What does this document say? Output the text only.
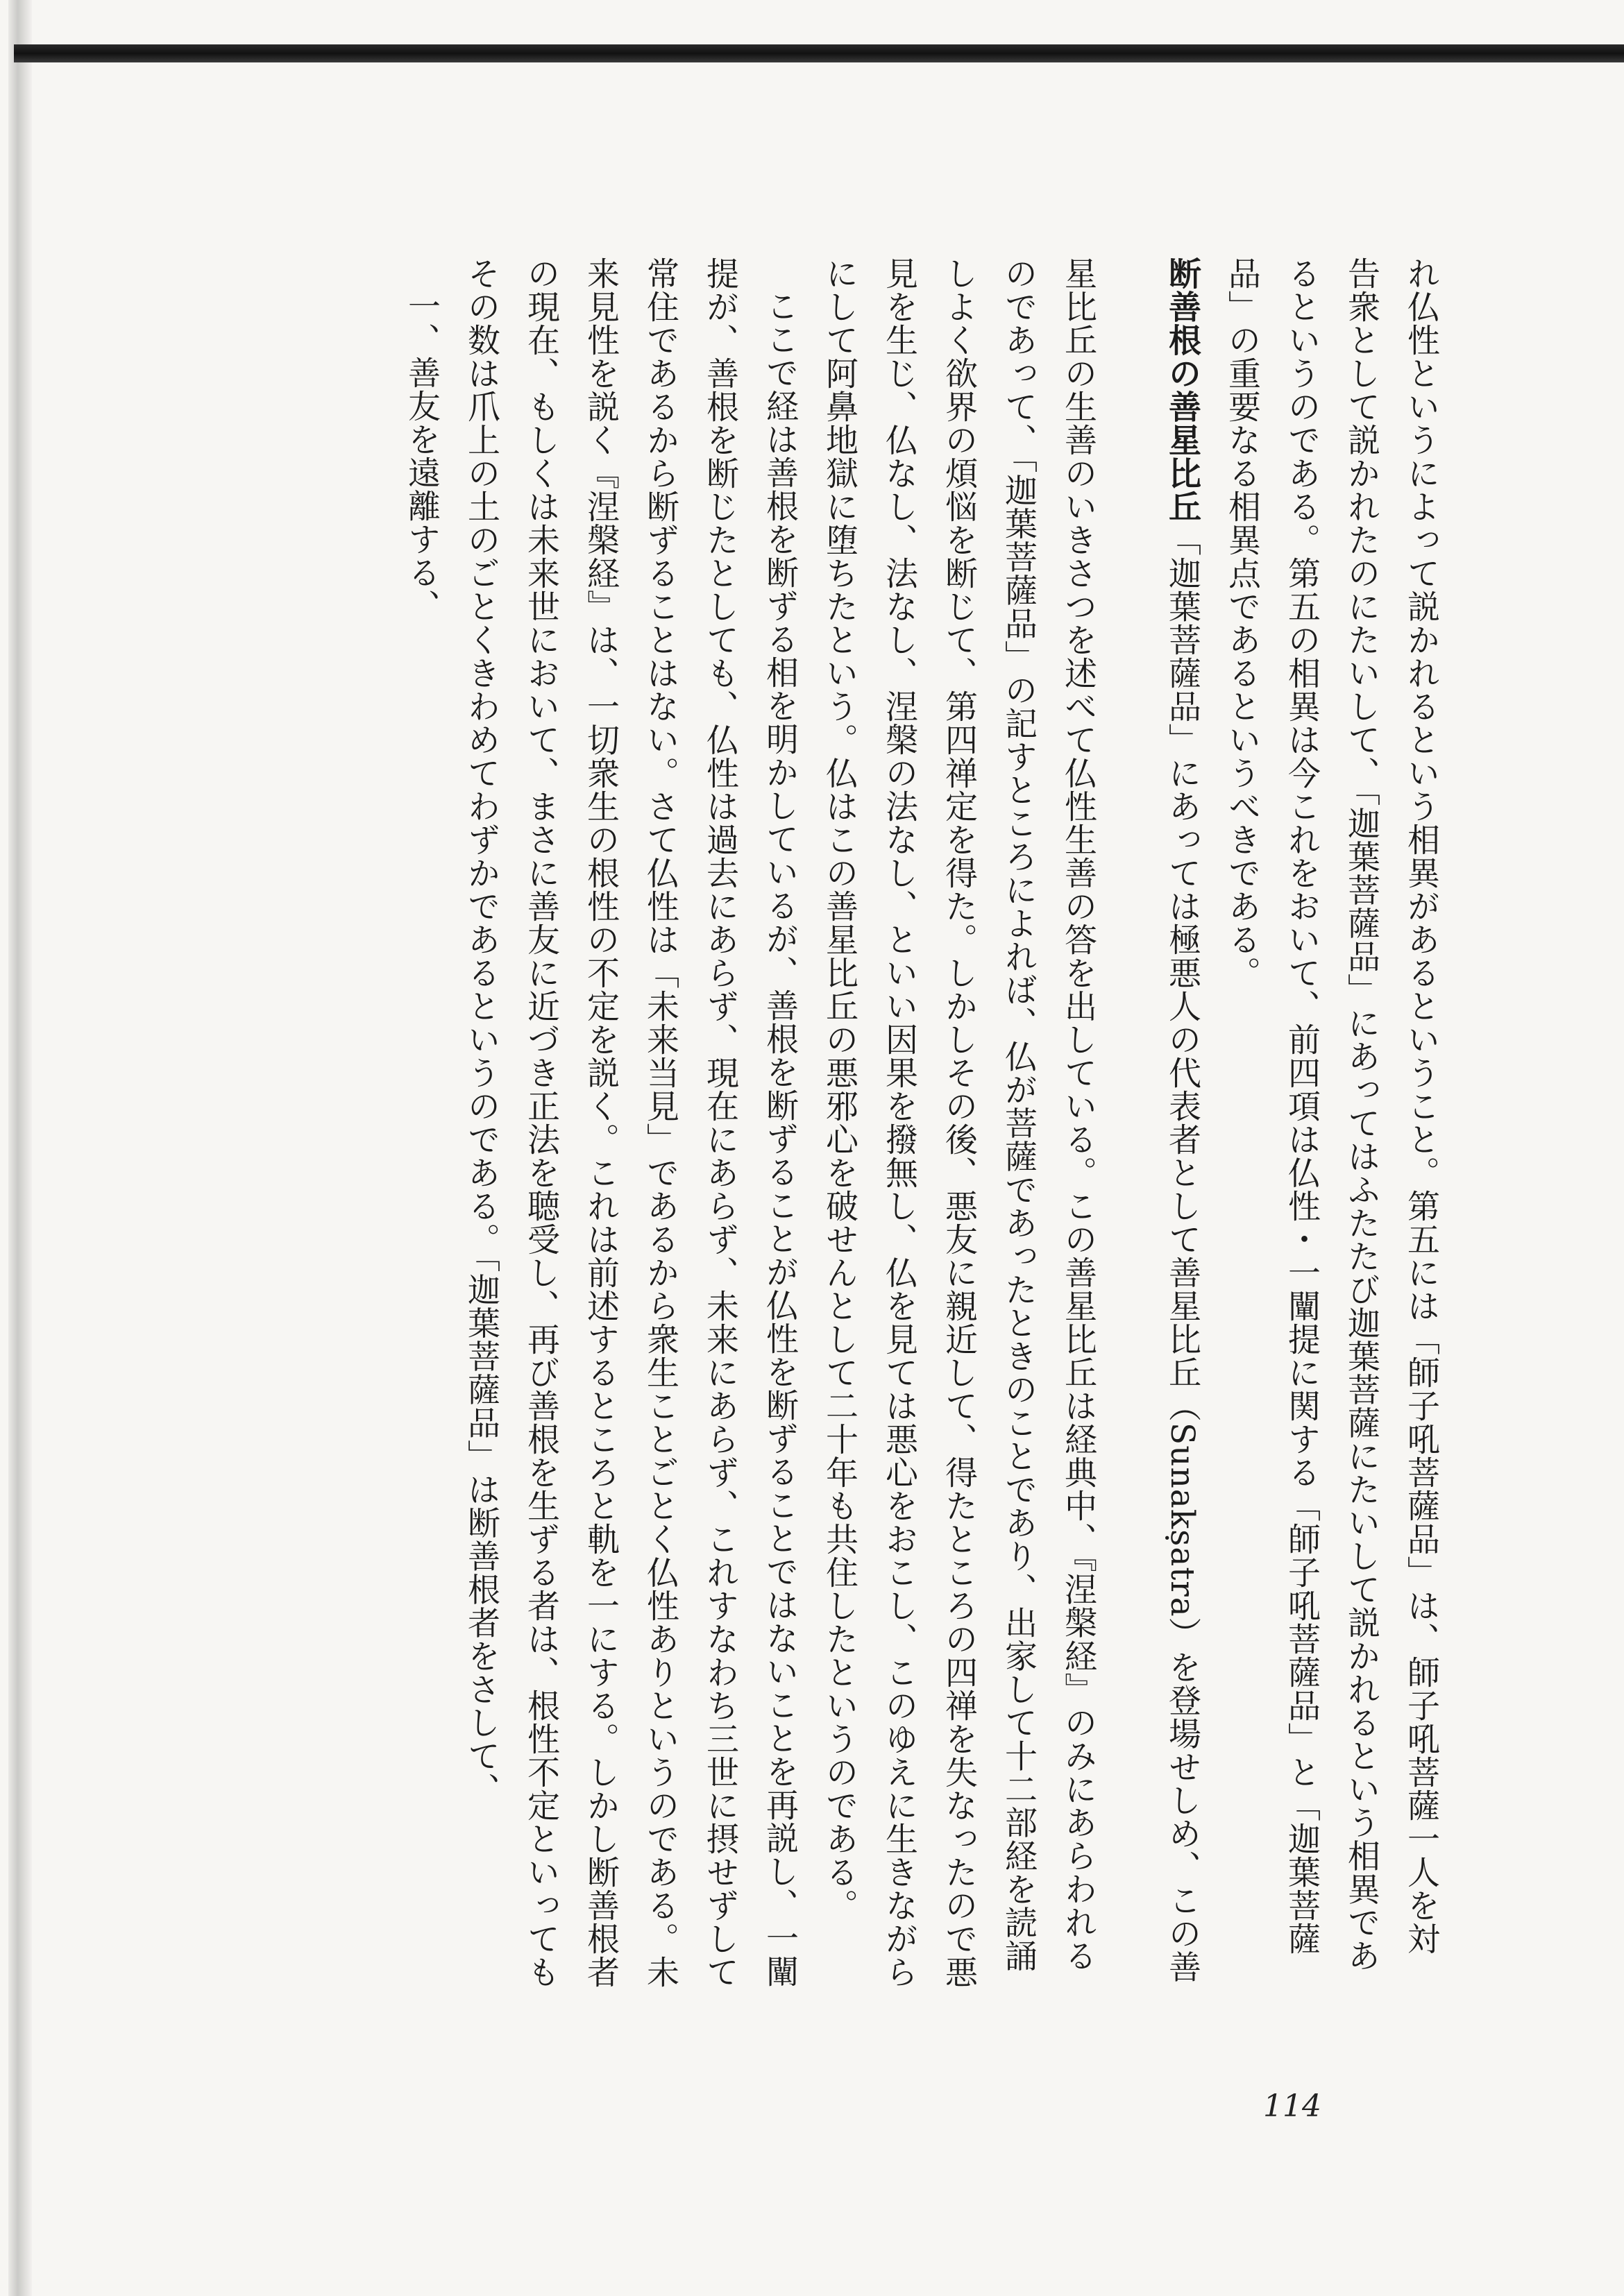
れ仏性というによって説かれるという相異があるということ。第五には「師子吼菩薩品」は、師子吼菩薩一人を対
告衆として説かれたのにたいして、「迦葉菩薩品」にあってはふたたび迦葉菩薩にたいして説かれるという相異であ
るというのである。第五の相異は今これをおいて、前四項は仏性・一闡提に関する「師子吼菩薩品」と「迦葉菩薩
品」の重要なる相異点であるというべきである。
断善根の善星比丘「迦葉菩薩品」にあっては極悪人の代表者として善星比丘（Sunakṣatra）を登場せしめ、この善
星比丘の生善のいきさつを述べて仏性生善の答を出している。この善星比丘は経典中、『涅槃経』のみにあらわれる
のであって、「迦葉菩薩品」の記すところによれば、仏が菩薩であったときのことであり、出家して十二部経を読誦
しよく欲界の煩悩を断じて、第四禅定を得た。しかしその後、悪友に親近して、得たところの四禅を失なったので悪
見を生じ、仏なし、法なし、涅槃の法なし、といい因果を撥無し、仏を見ては悪心をおこし、このゆえに生きながら
にして阿鼻地獄に堕ちたという。仏はこの善星比丘の悪邪心を破せんとして二十年も共住したというのである。
ここで経は善根を断ずる相を明かしているが、善根を断ずることが仏性を断ずることではないことを再説し、一闡
提が、善根を断じたとしても、仏性は過去にあらず、現在にあらず、未来にあらず、これすなわち三世に摂せずして
常住であるから断ずることはない。さて仏性は「未来当見」であるから衆生ことごとく仏性ありというのである。未
来見性を説く『涅槃経』は、一切衆生の根性の不定を説く。これは前述するところと軌を一にする。しかし断善根者
の現在、もしくは未来世において、まさに善友に近づき正法を聴受し、再び善根を生ずる者は、根性不定といっても
その数は爪上の土のごとくきわめてわずかであるというのである。「迦葉菩薩品」は断善根者をさして、
一、善友を遠離する、
114
